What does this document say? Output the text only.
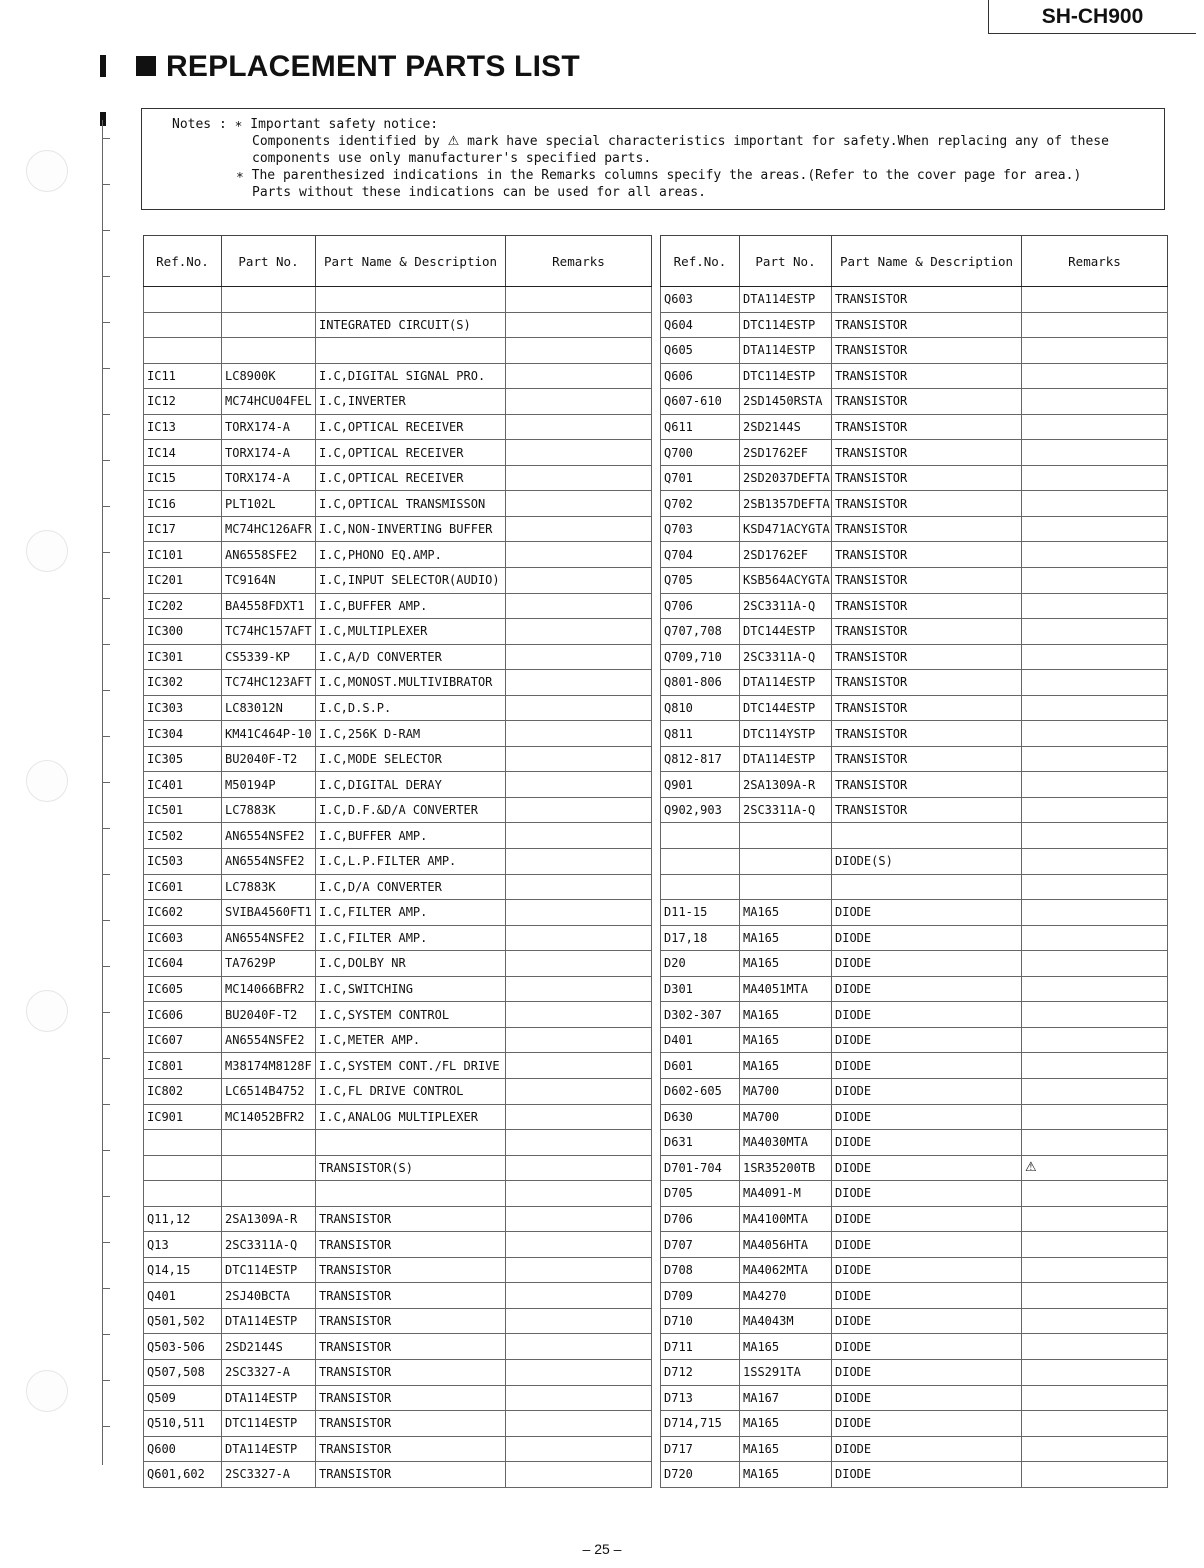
SH-CH900
REPLACEMENT PARTS LIST
Notes : ∗ Important safety notice:
Components identified by ⚠ mark have special characteristics important for safety.When replacing any of these
components use only manufacturer's specified parts.
∗ The parenthesized indications in the Remarks columns specify the areas.(Refer to the cover page for area.)
Parts without these indications can be used for all areas.
Ref.No.	Part No.	Part Name & Description	Remarks

		INTEGRATED CIRCUIT(S)	

IC11	LC8900K	I.C,DIGITAL SIGNAL PRO.	
IC12	MC74HCU04FEL	I.C,INVERTER	
IC13	TORX174-A	I.C,OPTICAL RECEIVER	
IC14	TORX174-A	I.C,OPTICAL RECEIVER	
IC15	TORX174-A	I.C,OPTICAL RECEIVER	
IC16	PLT102L	I.C,OPTICAL TRANSMISSON	
IC17	MC74HC126AFR	I.C,NON-INVERTING BUFFER	
IC101	AN6558SFE2	I.C,PHONO EQ.AMP.	
IC201	TC9164N	I.C,INPUT SELECTOR(AUDIO)	
IC202	BA4558FDXT1	I.C,BUFFER AMP.	
IC300	TC74HC157AFT	I.C,MULTIPLEXER	
IC301	CS5339-KP	I.C,A/D CONVERTER	
IC302	TC74HC123AFT	I.C,MONOST.MULTIVIBRATOR	
IC303	LC83012N	I.C,D.S.P.	
IC304	KM41C464P-10	I.C,256K D-RAM	
IC305	BU2040F-T2	I.C,MODE SELECTOR	
IC401	M50194P	I.C,DIGITAL DERAY	
IC501	LC7883K	I.C,D.F.&D/A CONVERTER	
IC502	AN6554NSFE2	I.C,BUFFER AMP.	
IC503	AN6554NSFE2	I.C,L.P.FILTER AMP.	
IC601	LC7883K	I.C,D/A CONVERTER	
IC602	SVIBA4560FT1	I.C,FILTER AMP.	
IC603	AN6554NSFE2	I.C,FILTER AMP.	
IC604	TA7629P	I.C,DOLBY NR	
IC605	MC14066BFR2	I.C,SWITCHING	
IC606	BU2040F-T2	I.C,SYSTEM CONTROL	
IC607	AN6554NSFE2	I.C,METER AMP.	
IC801	M38174M8128F	I.C,SYSTEM CONT./FL DRIVE	
IC802	LC6514B4752	I.C,FL DRIVE CONTROL	
IC901	MC14052BFR2	I.C,ANALOG MULTIPLEXER	

		TRANSISTOR(S)	

Q11,12	2SA1309A-R	TRANSISTOR	
Q13	2SC3311A-Q	TRANSISTOR	
Q14,15	DTC114ESTP	TRANSISTOR	
Q401	2SJ40BCTA	TRANSISTOR	
Q501,502	DTA114ESTP	TRANSISTOR	
Q503-506	2SD2144S	TRANSISTOR	
Q507,508	2SC3327-A	TRANSISTOR	
Q509	DTA114ESTP	TRANSISTOR	
Q510,511	DTC114ESTP	TRANSISTOR	
Q600	DTA114ESTP	TRANSISTOR	
Q601,602	2SC3327-A	TRANSISTOR	
Ref.No.	Part No.	Part Name & Description	Remarks
Q603	DTA114ESTP	TRANSISTOR	
Q604	DTC114ESTP	TRANSISTOR	
Q605	DTA114ESTP	TRANSISTOR	
Q606	DTC114ESTP	TRANSISTOR	
Q607-610	2SD1450RSTA	TRANSISTOR	
Q611	2SD2144S	TRANSISTOR	
Q700	2SD1762EF	TRANSISTOR	
Q701	2SD2037DEFTA	TRANSISTOR	
Q702	2SB1357DEFTA	TRANSISTOR	
Q703	KSD471ACYGTA	TRANSISTOR	
Q704	2SD1762EF	TRANSISTOR	
Q705	KSB564ACYGTA	TRANSISTOR	
Q706	2SC3311A-Q	TRANSISTOR	
Q707,708	DTC144ESTP	TRANSISTOR	
Q709,710	2SC3311A-Q	TRANSISTOR	
Q801-806	DTA114ESTP	TRANSISTOR	
Q810	DTC144ESTP	TRANSISTOR	
Q811	DTC114YSTP	TRANSISTOR	
Q812-817	DTA114ESTP	TRANSISTOR	
Q901	2SA1309A-R	TRANSISTOR	
Q902,903	2SC3311A-Q	TRANSISTOR	

		DIODE(S)	

D11-15	MA165	DIODE	
D17,18	MA165	DIODE	
D20	MA165	DIODE	
D301	MA4051MTA	DIODE	
D302-307	MA165	DIODE	
D401	MA165	DIODE	
D601	MA165	DIODE	
D602-605	MA700	DIODE	
D630	MA700	DIODE	
D631	MA4030MTA	DIODE	
D701-704	1SR35200TB	DIODE	⚠
D705	MA4091-M	DIODE	
D706	MA4100MTA	DIODE	
D707	MA4056HTA	DIODE	
D708	MA4062MTA	DIODE	
D709	MA4270	DIODE	
D710	MA4043M	DIODE	
D711	MA165	DIODE	
D712	1SS291TA	DIODE	
D713	MA167	DIODE	
D714,715	MA165	DIODE	
D717	MA165	DIODE	
D720	MA165	DIODE	
– 25 –
